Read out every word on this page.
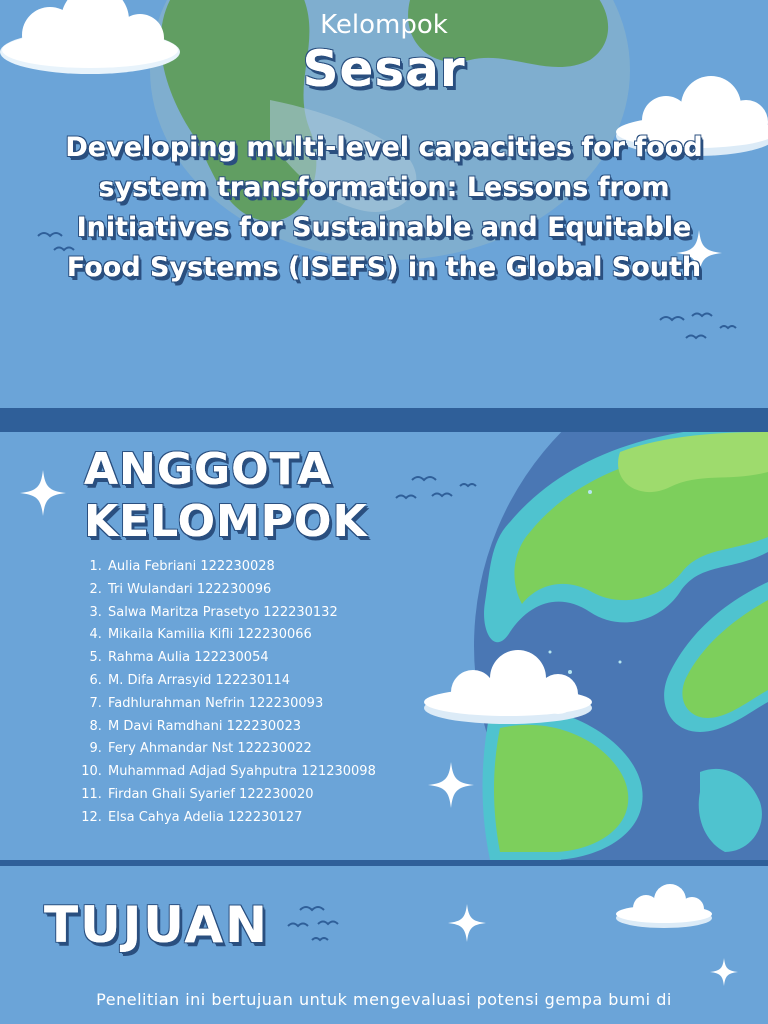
Kelompok
Sesar
Developing multi-level capacities for food system transformation: Lessons from Initiatives for Sustainable and Equitable Food Systems (ISEFS) in the Global South
ANGGOTA
KELOMPOK
1. Aulia Febriani 122230028
2. Tri Wulandari 122230096
3. Salwa Maritza Prasetyo 122230132
4. Mikaila Kamilia Kifli 122230066
5. Rahma Aulia 122230054
6. M. Difa Arrasyid 122230114
7. Fadhlurahman Nefrin 122230093
8. M Davi Ramdhani 122230023
9. Fery Ahmandar Nst 122230022
10. Muhammad Adjad Syahputra 121230098
11. Firdan Ghali Syarief 122230020
12. Elsa Cahya Adelia 122230127
TUJUAN
Penelitian ini bertujuan untuk mengevaluasi potensi gempa bumi di
